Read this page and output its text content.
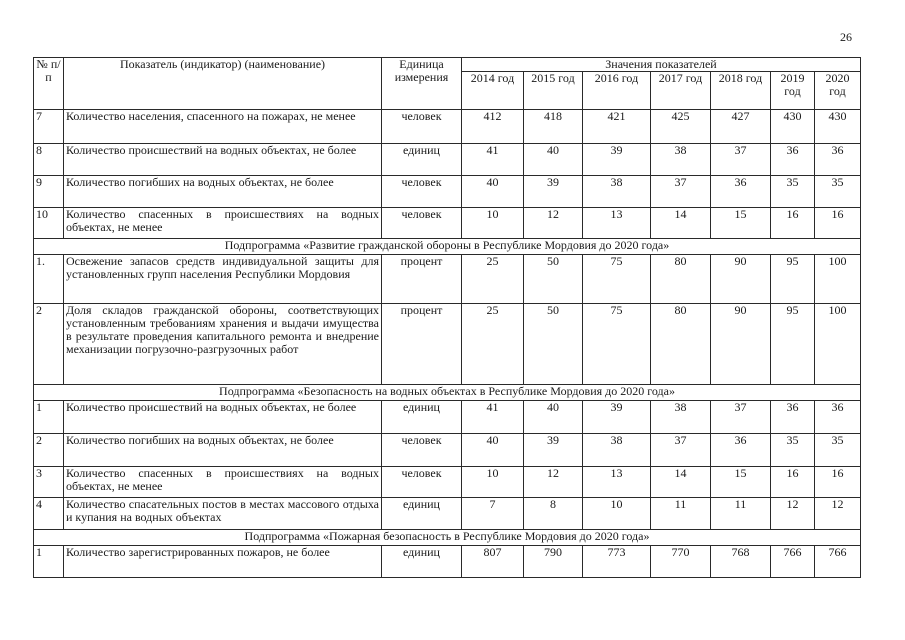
26
№ п/п	Показатель (индикатор) (наименование)	Единица измерения	Значения показателей						
			2014 год	2015 год	2016 год	2017 год	2018 год	2019 год	2020 год
7	Количество населения, спасенного на пожарах, не менее	человек	412	418	421	425	427	430	430
8	Количество происшествий на водных объектах, не более	единиц	41	40	39	38	37	36	36
9	Количество погибших на водных объектах, не более	человек	40	39	38	37	36	35	35
10	Количество спасенных в происшествиях на водных объектах, не менее	человек	10	12	13	14	15	16	16
Подпрограмма «Развитие гражданской обороны в Республике Мордовия до 2020 года»									
1.	Освежение запасов средств индивидуальной защиты для установленных групп населения Республики Мордовия	процент	25	50	75	80	90	95	100
2	Доля складов гражданской обороны, соответствующих установленным требованиям хранения и выдачи имущества в результате проведения капитального ремонта и внедрение механизации погрузочно-разгрузочных работ	процент	25	50	75	80	90	95	100
Подпрограмма «Безопасность на водных объектах в Республике Мордовия до 2020 года»									
1	Количество происшествий на водных объектах, не более	единиц	41	40	39	38	37	36	36
2	Количество погибших на водных объектах, не более	человек	40	39	38	37	36	35	35
3	Количество спасенных в происшествиях на водных объектах, не менее	человек	10	12	13	14	15	16	16
4	Количество спасательных постов в местах массового отдыха и купания на водных объектах	единиц	7	8	10	11	11	12	12
Подпрограмма «Пожарная безопасность в Республике Мордовия до 2020 года»									
1	Количество зарегистрированных пожаров, не более	единиц	807	790	773	770	768	766	766
